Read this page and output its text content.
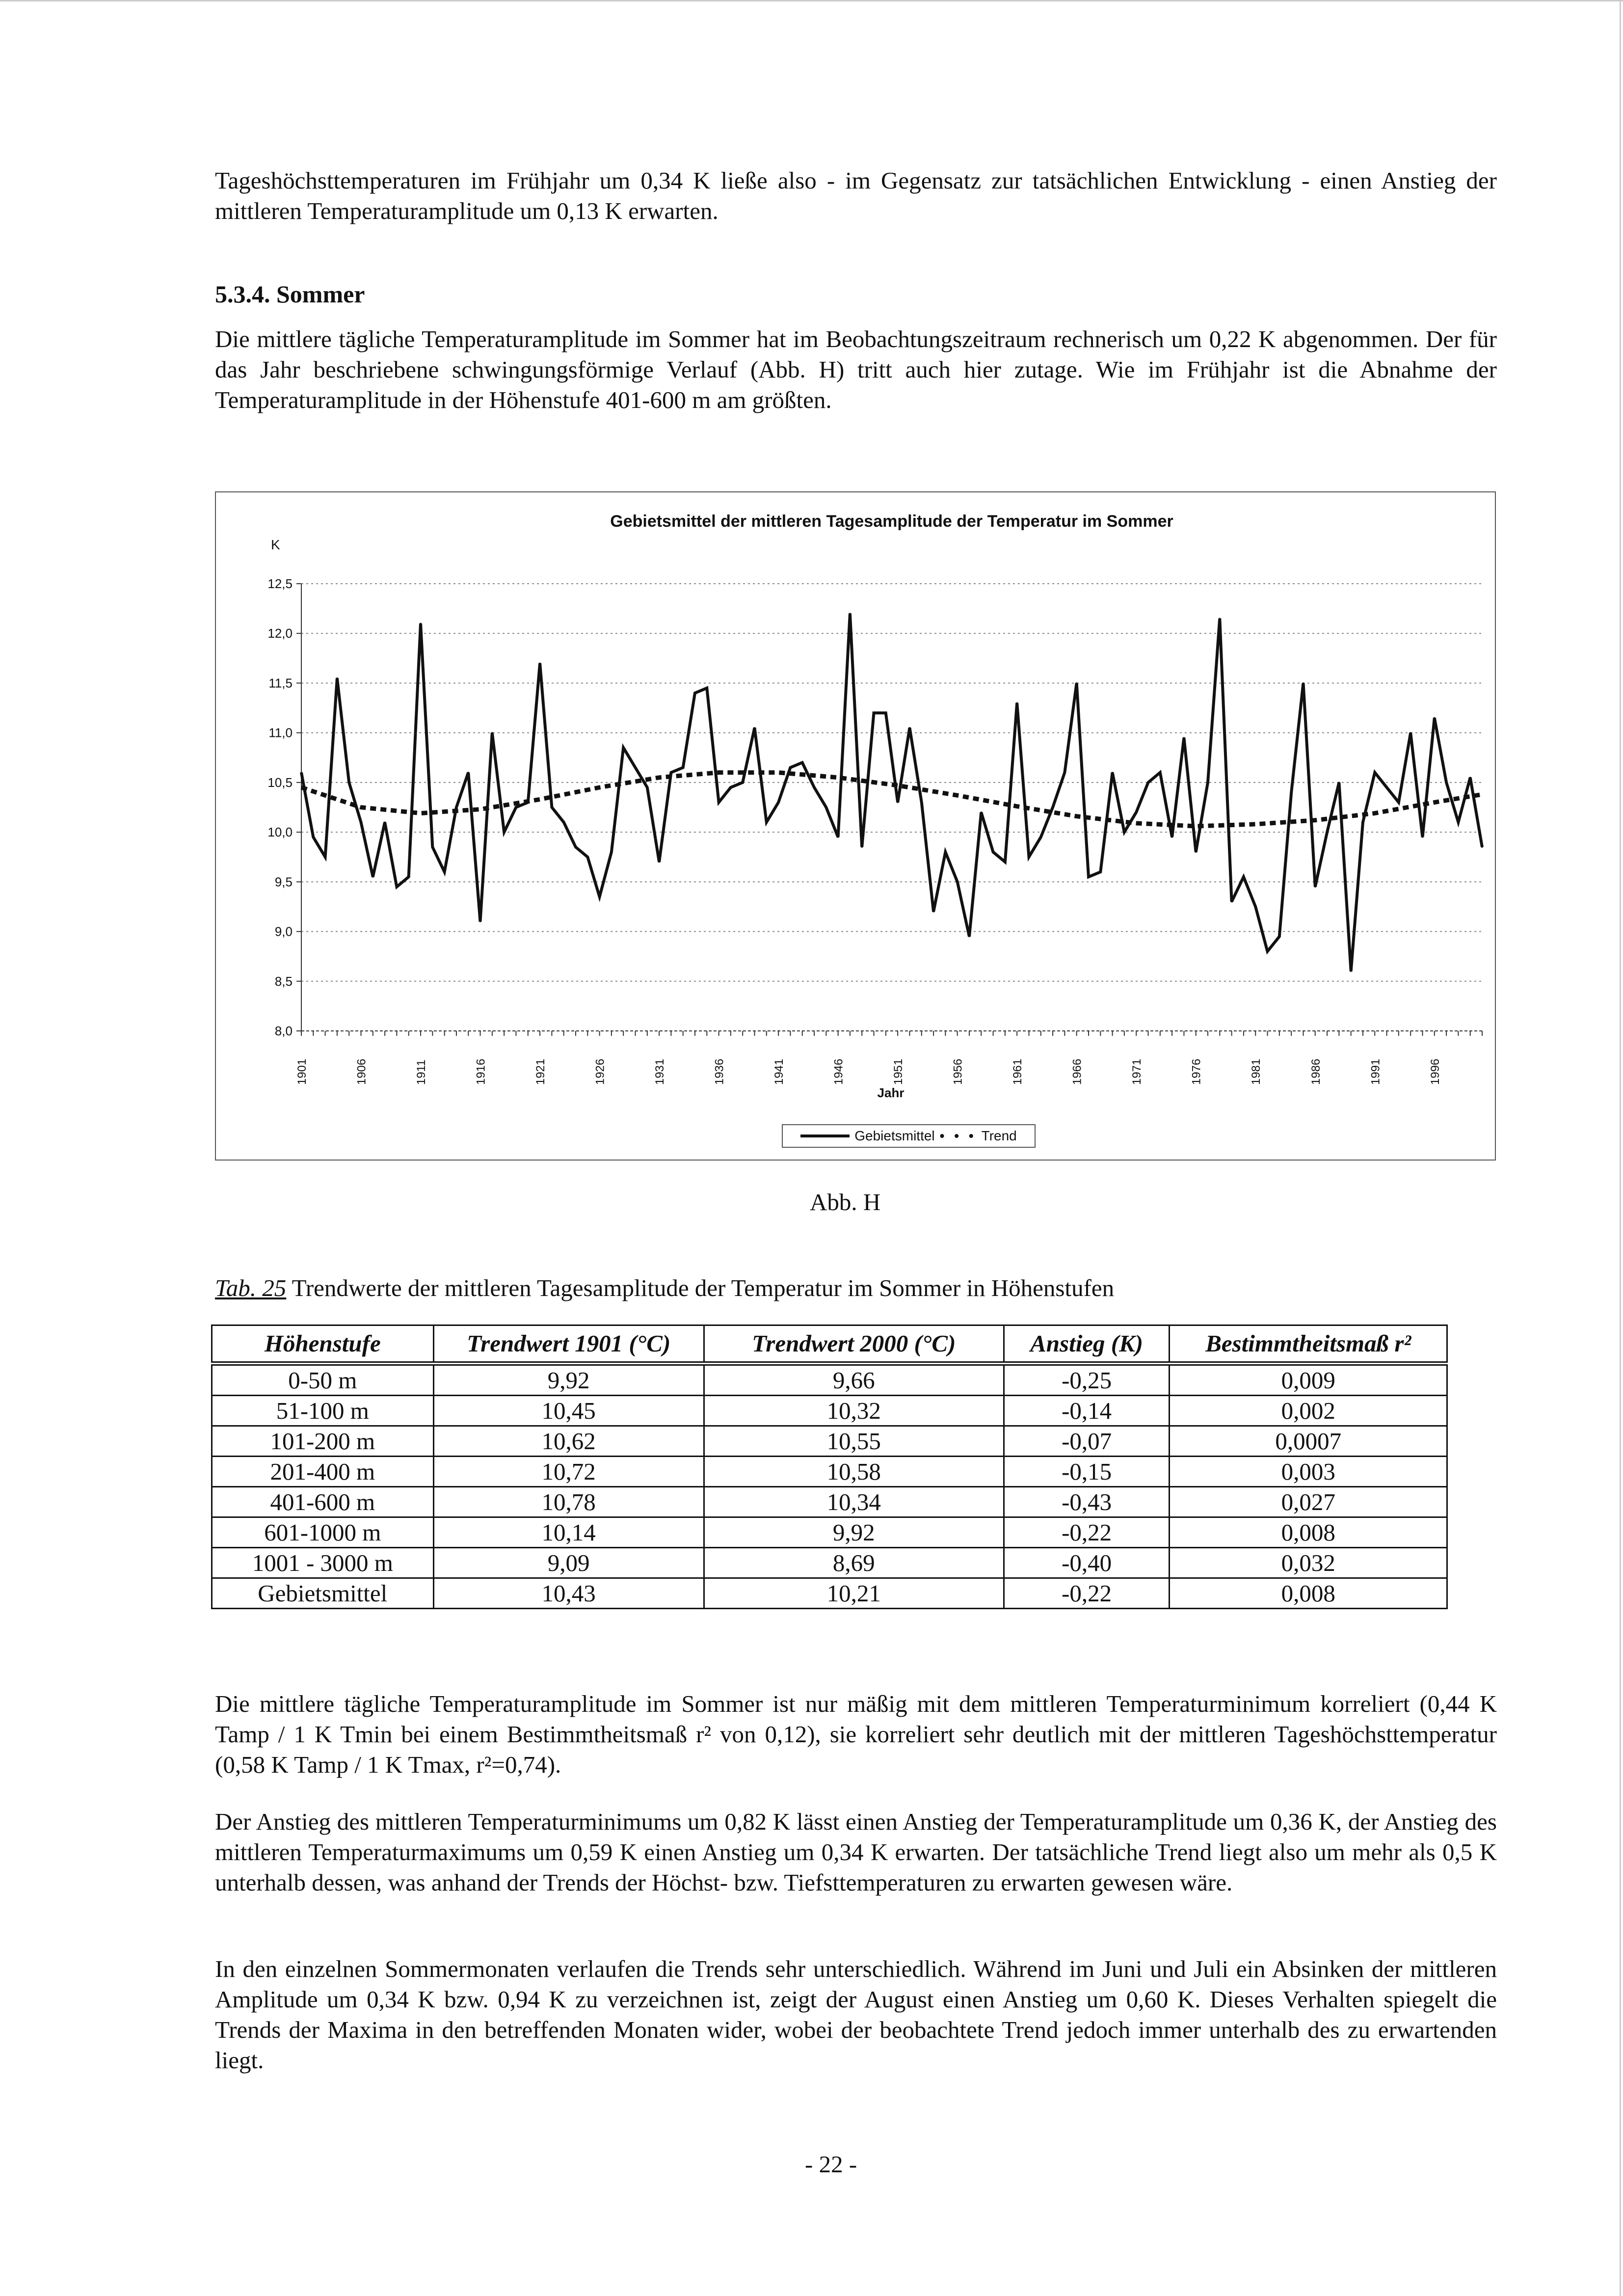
Tageshöchsttemperaturen im Frühjahr um 0,34 K ließe also - im Gegensatz zur tatsächlichen Entwicklung - einen Anstieg der mittleren Temperaturamplitude um 0,13 K erwarten.

5.3.4. Sommer

Die mittlere tägliche Temperaturamplitude im Sommer hat im Beobachtungszeitraum rechnerisch um 0,22 K abgenommen. Der für das Jahr beschriebene schwingungsförmige Verlauf (Abb. H) tritt auch hier zutage. Wie im Frühjahr ist die Abnahme der Temperaturamplitude in der Höhenstufe 401-600 m am größten.

Gebietsmittel der mittleren Tagesamplitude der Temperatur im Sommer
K
12,5
12,0
11,5
11,0
10,5
10,0
9,5
9,0
8,5
8,0
1901	1906	1911	1916	1921	1926	1931	1936	1941	1946	1951	1956	1961	1966	1971	1976	1981	1986	1991	1996
Jahr
Gebietsmittel • • • Trend
Abb. H
Tab. 25 Trendwerte der mittleren Tagesamplitude der Temperatur im Sommer in Höhenstufen
Höhenstufe	Trendwert 1901 (°C)	Trendwert 2000 (°C)	Anstieg (K)	Bestimmtheitsmaß r²
0-50 m	9,92	9,66	-0,25	0,009
51-100 m	10,45	10,32	-0,14	0,002
101-200 m	10,62	10,55	-0,07	0,0007
201-400 m	10,72	10,58	-0,15	0,003
401-600 m	10,78	10,34	-0,43	0,027
601-1000 m	10,14	9,92	-0,22	0,008
1001 - 3000 m	9,09	8,69	-0,40	0,032
Gebietsmittel	10,43	10,21	-0,22	0,008

Die mittlere tägliche Temperaturamplitude im Sommer ist nur mäßig mit dem mittleren Temperaturminimum korreliert (0,44 K Tamp / 1 K Tmin bei einem Bestimmtheitsmaß r² von 0,12), sie korreliert sehr deutlich mit der mittleren Tageshöchsttemperatur (0,58 K Tamp / 1 K Tmax, r²=0,74).

Der Anstieg des mittleren Temperaturminimums um 0,82 K lässt einen Anstieg der Temperaturamplitude um 0,36 K, der Anstieg des mittleren Temperaturmaximums um 0,59 K einen Anstieg um 0,34 K erwarten. Der tatsächliche Trend liegt also um mehr als 0,5 K unterhalb dessen, was anhand der Trends der Höchst- bzw. Tiefsttemperaturen zu erwarten gewesen wäre.

In den einzelnen Sommermonaten verlaufen die Trends sehr unterschiedlich. Während im Juni und Juli ein Absinken der mittleren Amplitude um 0,34 K bzw. 0,94 K zu verzeichnen ist, zeigt der August einen Anstieg um 0,60 K. Dieses Verhalten spiegelt die Trends der Maxima in den betreffenden Monaten wider, wobei der beobachtete Trend jedoch immer unterhalb des zu erwartenden liegt.

- 22 -
